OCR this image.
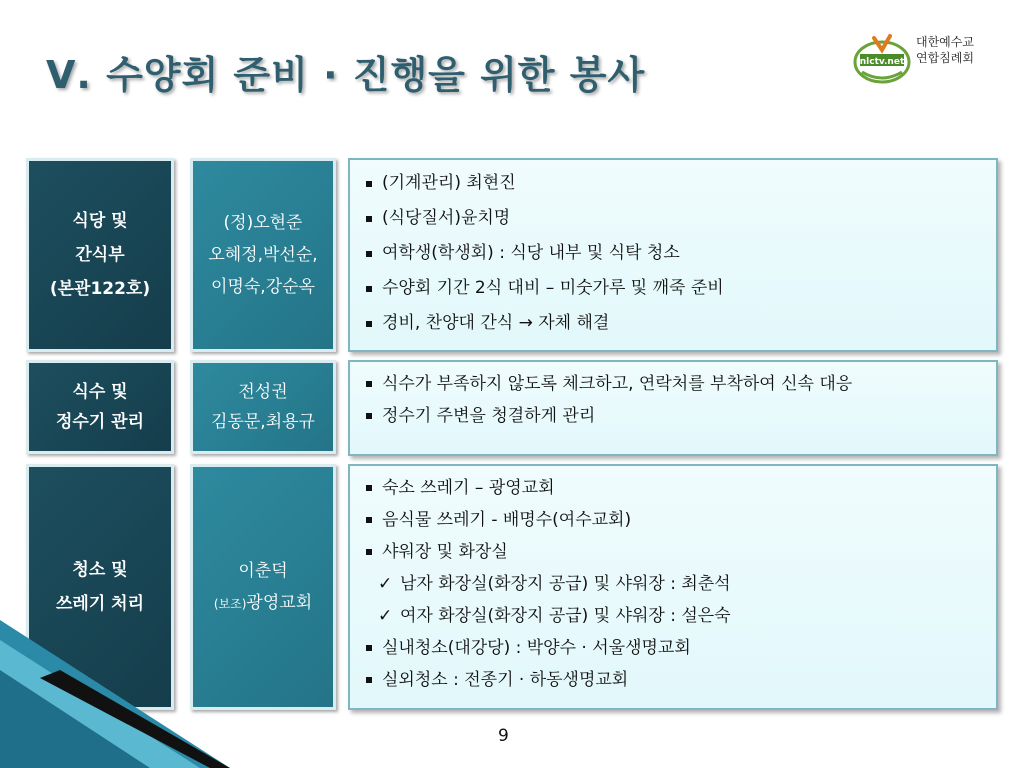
Ⅴ. 수양회 준비 · 진행을 위한 봉사	nlctv.net
대한예수교
연합침례회
식당 및
간식부
(본관122호)
(정)오현준
오혜정,박선순,
이명숙,강순옥
(기계관리) 최현진
(식당질서)윤치명
여학생(학생회) : 식당 내부 및 식탁 청소
수양회 기간 2식 대비 – 미숫가루 및 깨죽 준비
경비, 찬양대 간식 → 자체 해결
식수 및
정수기 관리
전성권
김동문,최용규
식수가 부족하지 않도록 체크하고, 연락처를 부착하여 신속 대응
정수기 주변을 청결하게 관리
청소 및
쓰레기 처리
이춘덕
(보조)광영교회
숙소 쓰레기 – 광영교회
음식물 쓰레기 - 배명수(여수교회)
샤워장 및 화장실
✓ 남자 화장실(화장지 공급) 및 샤워장 : 최춘석
✓ 여자 화장실(화장지 공급) 및 샤워장 : 설은숙
실내청소(대강당) : 박양수 · 서울생명교회
실외청소 : 전종기 · 하동생명교회
9
